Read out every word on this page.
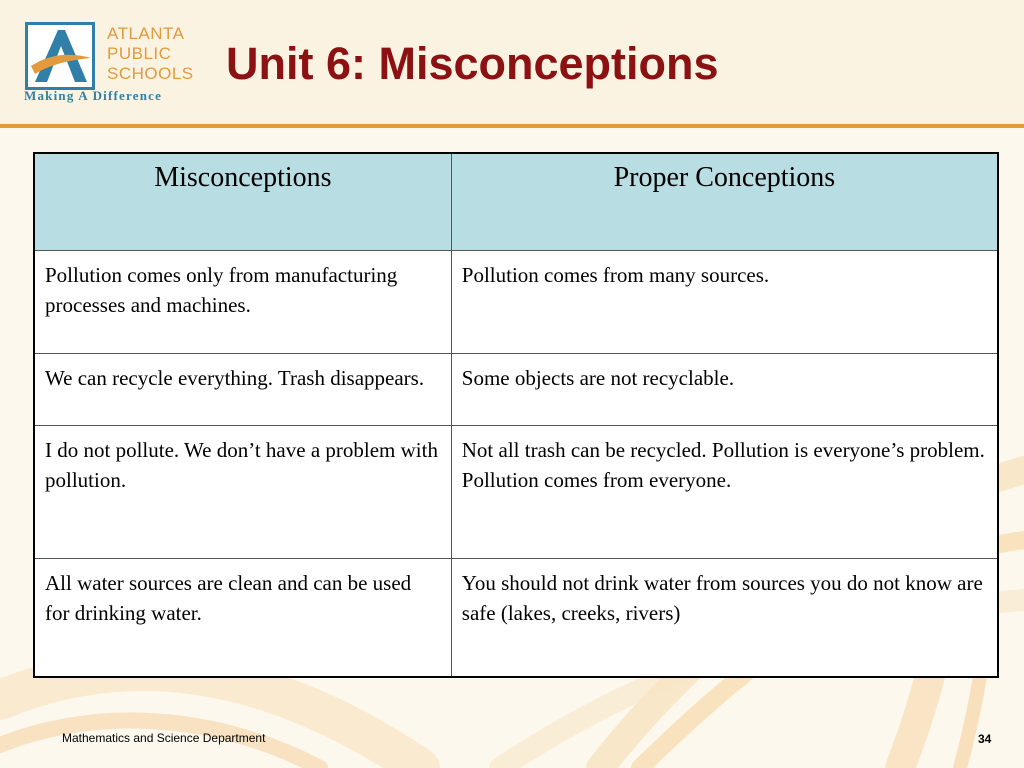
ATLANTA
PUBLIC
SCHOOLS
Making A Difference
Unit 6: Misconceptions
Misconceptions	Proper Conceptions
Pollution comes only from manufacturing processes and machines.	Pollution comes from many sources.
We can recycle everything. Trash disappears.	Some objects are not recyclable.
I do not pollute. We don’t have a problem with pollution.	Not all trash can be recycled. Pollution is everyone’s problem. Pollution comes from everyone.
All water sources are clean and can be used for drinking water.	You should not drink water from sources you do not know are safe (lakes, creeks, rivers)
Mathematics and Science Department	34
